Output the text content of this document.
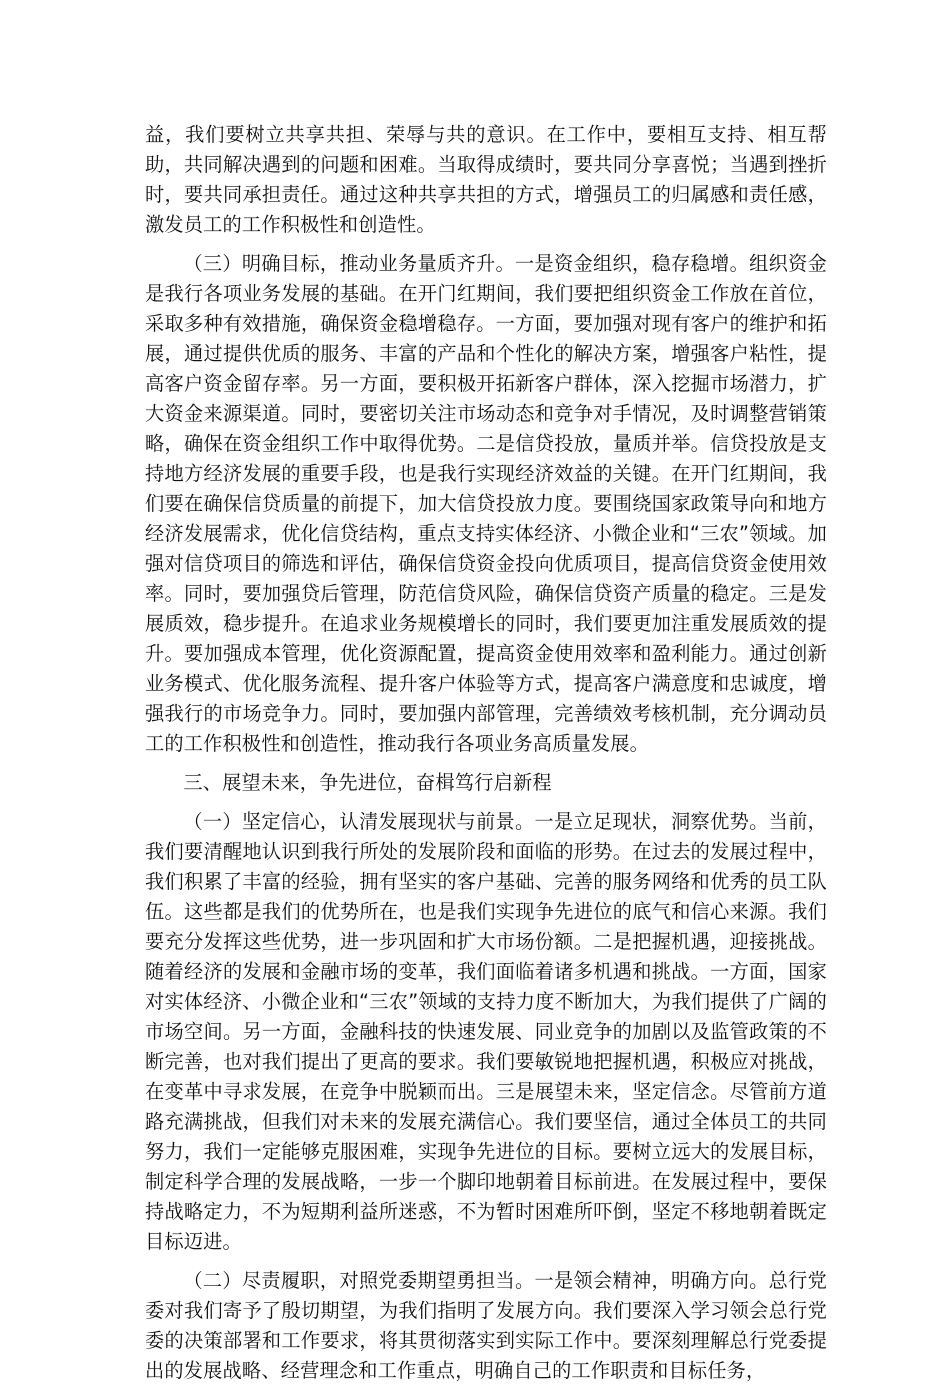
益，我们要树立共享共担、荣辱与共的意识。在工作中，要相互支持、相互帮助，共同解决遇到的问题和困难。当取得成绩时，要共同分享喜悦；当遇到挫折时，要共同承担责任。通过这种共享共担的方式，增强员工的归属感和责任感，激发员工的工作积极性和创造性。

（三）明确目标，推动业务量质齐升。一是资金组织，稳存稳增。组织资金是我行各项业务发展的基础。在开门红期间，我们要把组织资金工作放在首位，采取多种有效措施，确保资金稳增稳存。一方面，要加强对现有客户的维护和拓展，通过提供优质的服务、丰富的产品和个性化的解决方案，增强客户粘性，提高客户资金留存率。另一方面，要积极开拓新客户群体，深入挖掘市场潜力，扩大资金来源渠道。同时，要密切关注市场动态和竞争对手情况，及时调整营销策略，确保在资金组织工作中取得优势。二是信贷投放，量质并举。信贷投放是支持地方经济发展的重要手段，也是我行实现经济效益的关键。在开门红期间，我们要在确保信贷质量的前提下，加大信贷投放力度。要围绕国家政策导向和地方经济发展需求，优化信贷结构，重点支持实体经济、小微企业和“三农”领域。加强对信贷项目的筛选和评估，确保信贷资金投向优质项目，提高信贷资金使用效率。同时，要加强贷后管理，防范信贷风险，确保信贷资产质量的稳定。三是发展质效，稳步提升。在追求业务规模增长的同时，我们要更加注重发展质效的提升。要加强成本管理，优化资源配置，提高资金使用效率和盈利能力。通过创新业务模式、优化服务流程、提升客户体验等方式，提高客户满意度和忠诚度，增强我行的市场竞争力。同时，要加强内部管理，完善绩效考核机制，充分调动员工的工作积极性和创造性，推动我行各项业务高质量发展。

三、展望未来，争先进位，奋楫笃行启新程

（一）坚定信心，认清发展现状与前景。一是立足现状，洞察优势。当前，我们要清醒地认识到我行所处的发展阶段和面临的形势。在过去的发展过程中，我们积累了丰富的经验，拥有坚实的客户基础、完善的服务网络和优秀的员工队伍。这些都是我们的优势所在，也是我们实现争先进位的底气和信心来源。我们要充分发挥这些优势，进一步巩固和扩大市场份额。二是把握机遇，迎接挑战。随着经济的发展和金融市场的变革，我们面临着诸多机遇和挑战。一方面，国家对实体经济、小微企业和“三农”领域的支持力度不断加大，为我们提供了广阔的市场空间。另一方面，金融科技的快速发展、同业竞争的加剧以及监管政策的不断完善，也对我们提出了更高的要求。我们要敏锐地把握机遇，积极应对挑战，在变革中寻求发展，在竞争中脱颖而出。三是展望未来，坚定信念。尽管前方道路充满挑战，但我们对未来的发展充满信心。我们要坚信，通过全体员工的共同努力，我们一定能够克服困难，实现争先进位的目标。要树立远大的发展目标，制定科学合理的发展战略，一步一个脚印地朝着目标前进。在发展过程中，要保持战略定力，不为短期利益所迷惑，不为暂时困难所吓倒，坚定不移地朝着既定目标迈进。

（二）尽责履职，对照党委期望勇担当。一是领会精神，明确方向。总行党委对我们寄予了殷切期望，为我们指明了发展方向。我们要深入学习领会总行党委的决策部署和工作要求，将其贯彻落实到实际工作中。要深刻理解总行党委提出的发展战略、经营理念和工作重点，明确自己的工作职责和目标任务，
